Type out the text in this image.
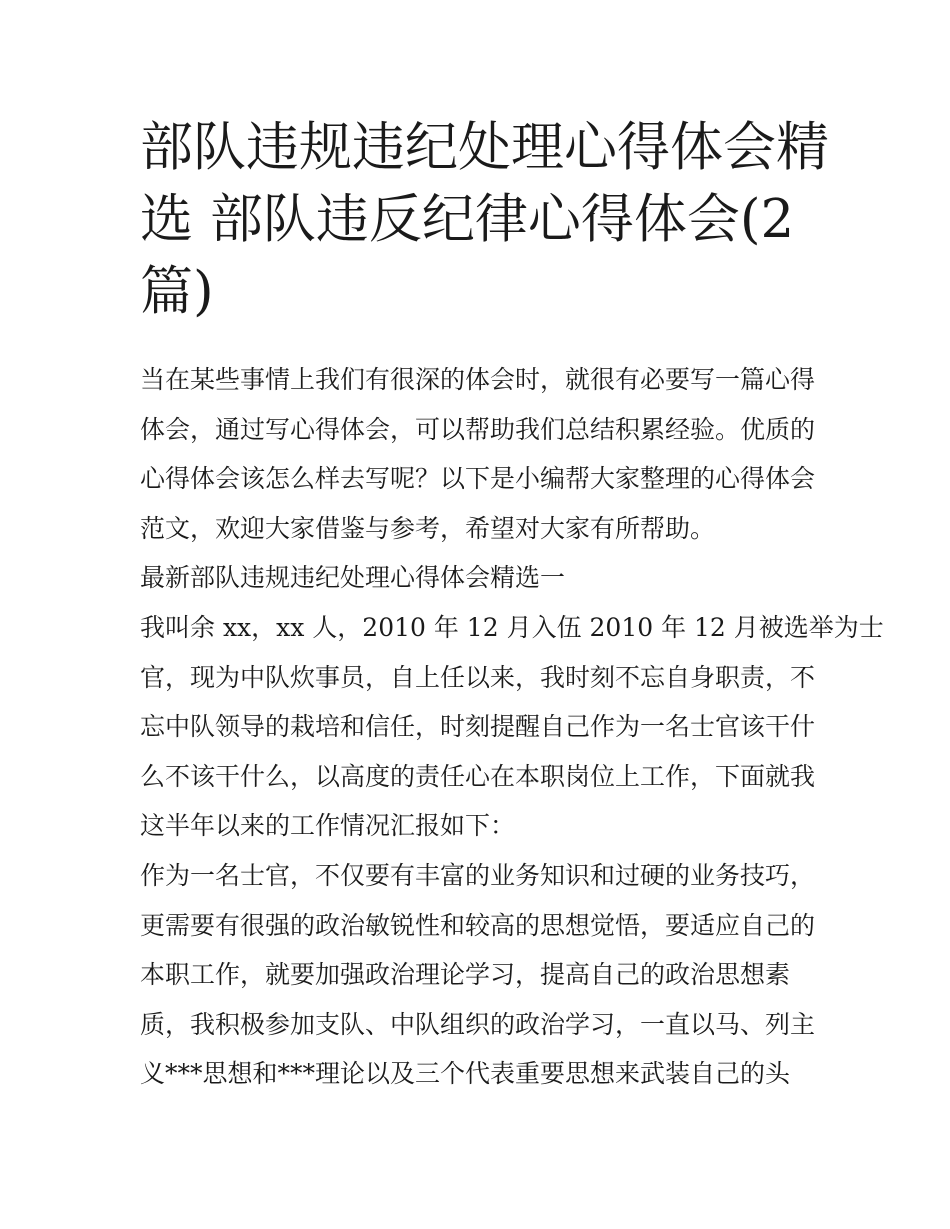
部队违规违纪处理心得体会精
选 部队违反纪律心得体会(2
篇)
当在某些事情上我们有很深的体会时，就很有必要写一篇心得
体会，通过写心得体会，可以帮助我们总结积累经验。优质的
心得体会该怎么样去写呢？以下是小编帮大家整理的心得体会
范文，欢迎大家借鉴与参考，希望对大家有所帮助。
最新部队违规违纪处理心得体会精选一
我叫余 xx，xx 人，2010 年 12 月入伍 2010 年 12 月被选举为士
官，现为中队炊事员，自上任以来，我时刻不忘自身职责，不
忘中队领导的栽培和信任，时刻提醒自己作为一名士官该干什
么不该干什么，以高度的责任心在本职岗位上工作，下面就我
这半年以来的工作情况汇报如下：
作为一名士官，不仅要有丰富的业务知识和过硬的业务技巧，
更需要有很强的政治敏锐性和较高的思想觉悟，要适应自己的
本职工作，就要加强政治理论学习，提高自己的政治思想素
质，我积极参加支队、中队组织的政治学习，一直以马、列主
义***思想和***理论以及三个代表重要思想来武装自己的头
